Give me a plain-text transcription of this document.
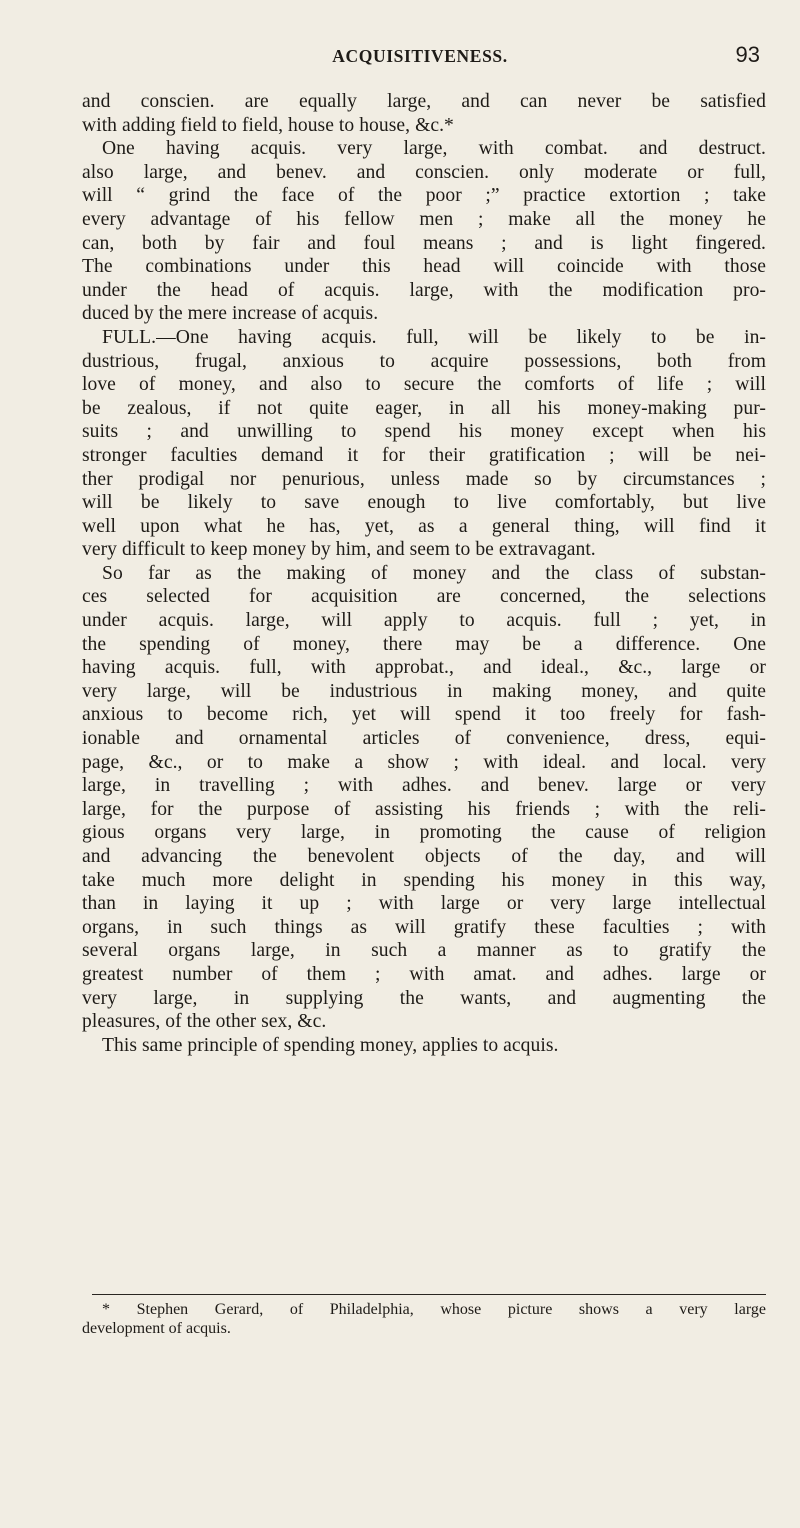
ACQUISITIVENESS.	93
and conscien. are equally large, and can never be satisfied
with adding field to field, house to house, &c.*
One having acquis. very large, with combat. and destruct.
also large, and benev. and conscien. only moderate or full,
will “ grind the face of the poor ;” practice extortion ; take
every advantage of his fellow men ; make all the money he
can, both by fair and foul means ; and is light fingered.
The combinations under this head will coincide with those
under the head of acquis. large, with the modification pro-
duced by the mere increase of acquis.
FULL.—One having acquis. full, will be likely to be in-
dustrious, frugal, anxious to acquire possessions, both from
love of money, and also to secure the comforts of life ; will
be zealous, if not quite eager, in all his money-making pur-
suits ; and unwilling to spend his money except when his
stronger faculties demand it for their gratification ; will be nei-
ther prodigal nor penurious, unless made so by circumstances ;
will be likely to save enough to live comfortably, but live
well upon what he has, yet, as a general thing, will find it
very difficult to keep money by him, and seem to be extravagant.
So far as the making of money and the class of substan-
ces selected for acquisition are concerned, the selections
under acquis. large, will apply to acquis. full ; yet, in
the spending of money, there may be a difference. One
having acquis. full, with approbat., and ideal., &c., large or
very large, will be industrious in making money, and quite
anxious to become rich, yet will spend it too freely for fash-
ionable and ornamental articles of convenience, dress, equi-
page, &c., or to make a show ; with ideal. and local. very
large, in travelling ; with adhes. and benev. large or very
large, for the purpose of assisting his friends ; with the reli-
gious organs very large, in promoting the cause of religion
and advancing the benevolent objects of the day, and will
take much more delight in spending his money in this way,
than in laying it up ; with large or very large intellectual
organs, in such things as will gratify these faculties ; with
several organs large, in such a manner as to gratify the
greatest number of them ; with amat. and adhes. large or
very large, in supplying the wants, and augmenting the
pleasures, of the other sex, &c.
This same principle of spending money, applies to acquis.
* Stephen Gerard, of Philadelphia, whose picture shows a very large
development of acquis.
